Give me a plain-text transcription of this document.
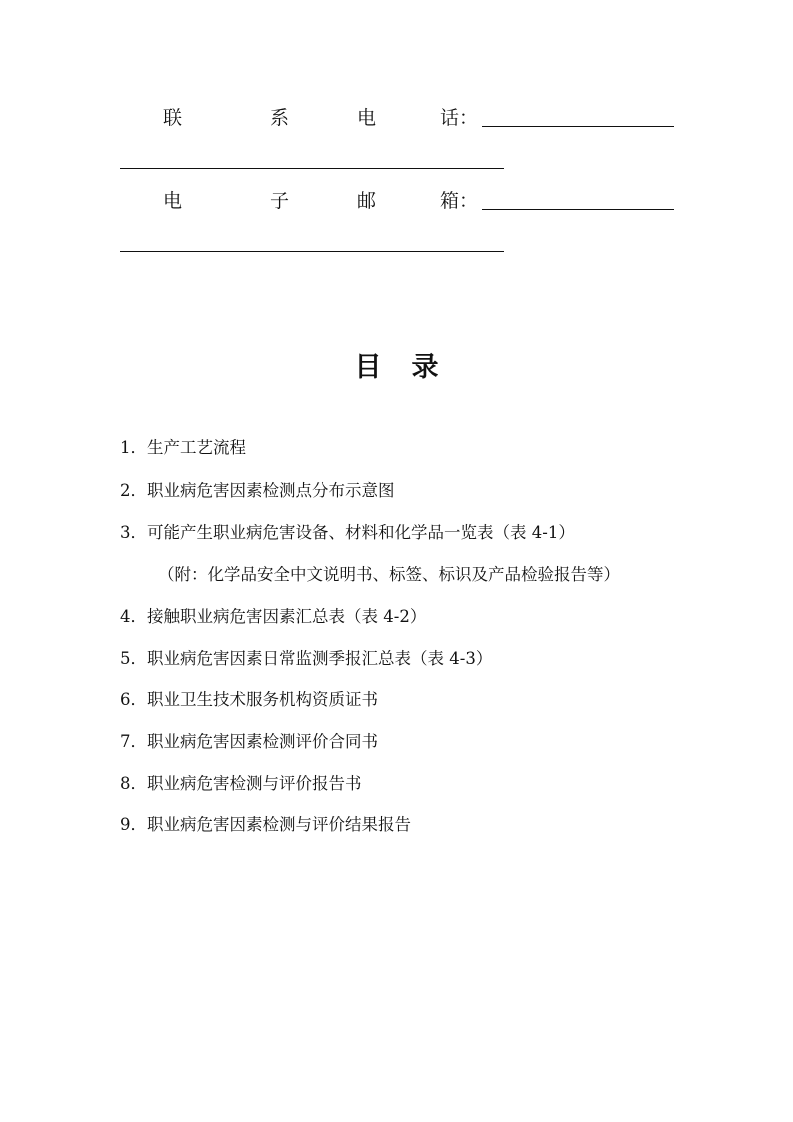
联	系	电	话：
电	子	邮	箱：
目录
1．生产工艺流程
2．职业病危害因素检测点分布示意图
3．可能产生职业病危害设备、材料和化学品一览表（表 4-1）
（附：化学品安全中文说明书、标签、标识及产品检验报告等）
4．接触职业病危害因素汇总表（表 4-2）
5．职业病危害因素日常监测季报汇总表（表 4-3）
6．职业卫生技术服务机构资质证书
7．职业病危害因素检测评价合同书
8．职业病危害检测与评价报告书
9．职业病危害因素检测与评价结果报告
